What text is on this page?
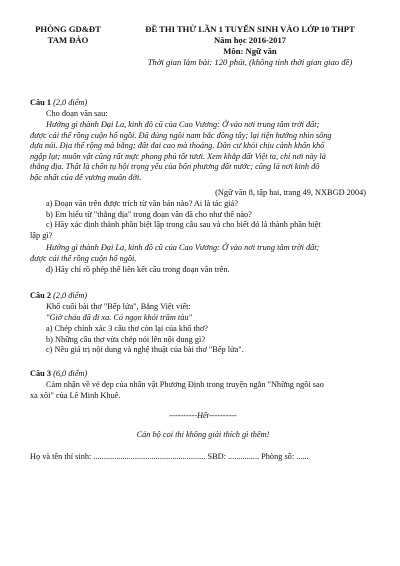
PHÒNG GD&ĐT
TAM ĐẢO
ĐỀ THI THỬ LẦN 1 TUYỂN SINH VÀO LỚP 10 THPT
Năm học 2016-2017
Môn: Ngữ văn
Thời gian làm bài: 120 phút, (không tính thời gian giao đề)
Câu 1 (2,0 điểm)
Cho đoạn văn sau:
Hướng gì thành Đại La, kinh đô cũ của Cao Vương: Ở vào nơi trung tâm trời đất;
được cái thế rồng cuộn hổ ngồi. Đã đúng ngôi nam bắc đông tây; lại tiện hướng nhìn sông
dựa núi. Địa thế rộng mà bằng; đất đai cao mà thoáng. Dân cư khỏi chịu cảnh khốn khổ
ngập lụt; muôn vật cũng rất mực phong phú tốt tươi. Xem khắp đất Việt ta, chỉ nơi này là
thắng địa. Thật là chốn tụ hội trọng yếu của bốn phương đất nước; cũng là nơi kinh đô
bậc nhất của đế vương muôn đời.
(Ngữ văn 8, tập hai, trang 49, NXBGD 2004)
a) Đoạn văn trên được trích từ văn bản nào? Ai là tác giả?
b) Em hiểu từ "thắng địa" trong đoạn văn đã cho như thế nào?
c) Hãy xác định thành phần biệt lập trong câu sau và cho biết đó là thành phần biệt
lập gì?
Hướng gì thành Đại La, kinh đô cũ của Cao Vương: Ở vào nơi trung tâm trời đất;
được cái thế rồng cuộn hổ ngồi.
d) Hãy chỉ rõ phép thế liên kết câu trong đoạn văn trên.
Câu 2 (2,0 điểm)
Khổ cuối bài thơ "Bếp lửa", Bằng Việt viết:
"Giờ cháu đã đi xa. Có ngọn khói trăm tàu"
a) Chép chính xác 3 câu thơ còn lại của khổ thơ?
b) Những câu thơ vừa chép nói lên nội dung gì?
c) Nêu giá trị nội dung và nghệ thuật của bài thơ "Bếp lửa".
Câu 3 (6,0 điểm)
Cảm nhận về vẻ đẹp của nhân vật Phương Định trong truyện ngắn "Những ngôi sao
xa xôi" của Lê Minh Khuê.
----------Hết----------
Cán bộ coi thi không giải thích gì thêm!
Họ và tên thí sinh: ...................................................... SBD: ............... Phòng số: ......
